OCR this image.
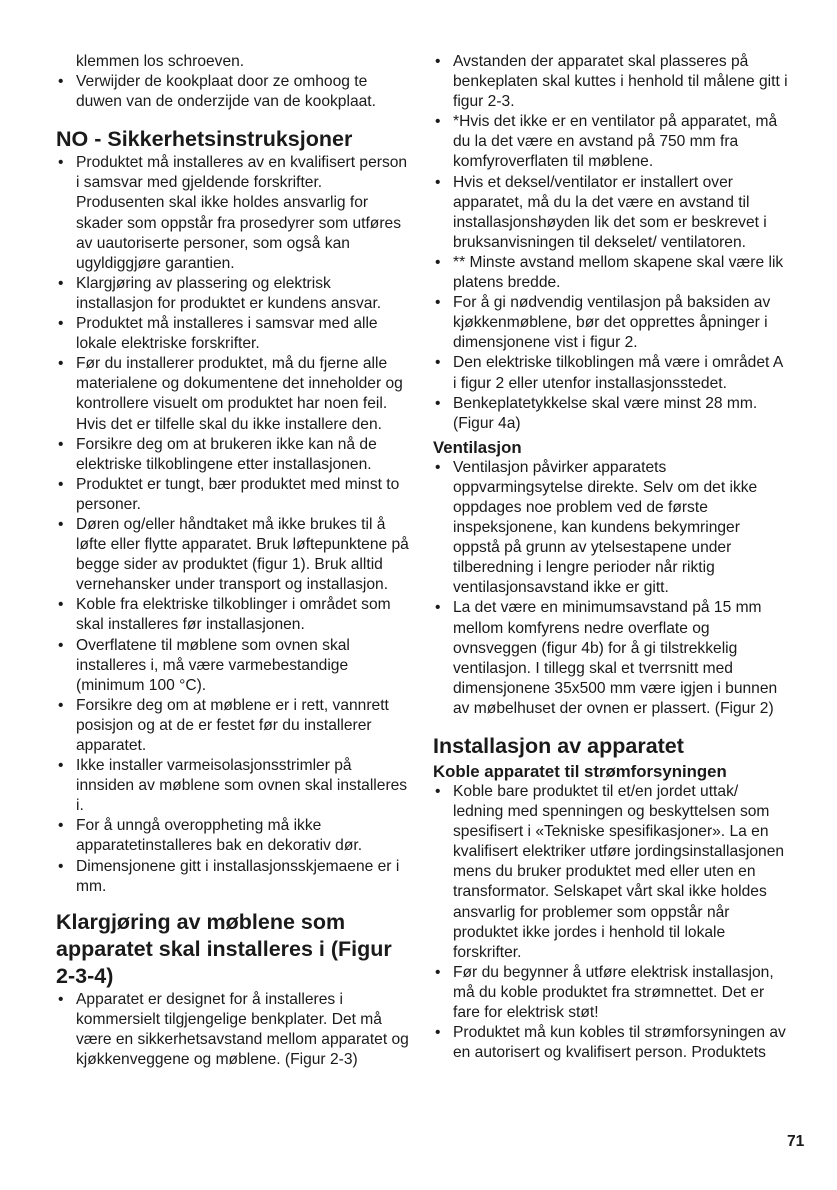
klemmen los schroeven.

• Verwijder de kookplaat door ze omhoog te duwen van de onderzijde van de kookplaat.
NO - Sikkerhetsinstruksjoner
• Produktet må installeres av en kvalifisert person i samsvar med gjeldende forskrifter. Produsenten skal ikke holdes ansvarlig for skader som oppstår fra prosedyrer som utføres av uautoriserte personer, som også kan ugyldiggjøre garantien.
• Klargjøring av plassering og elektrisk installasjon for produktet er kundens ansvar.
• Produktet må installeres i samsvar med alle lokale elektriske forskrifter.
• Før du installerer produktet, må du fjerne alle materialene og dokumentene det inneholder og kontrollere visuelt om produktet har noen feil. Hvis det er tilfelle skal du ikke installere den.
• Forsikre deg om at brukeren ikke kan nå de elektriske tilkoblingene etter installasjonen.
• Produktet er tungt, bær produktet med minst to personer.
• Døren og/eller håndtaket må ikke brukes til å løfte eller flytte apparatet. Bruk løftepunktene på begge sider av produktet (figur 1). Bruk alltid vernehansker under transport og installasjon.
• Koble fra elektriske tilkoblinger i området som skal installeres før installasjonen.
• Overflatene til møblene som ovnen skal installeres i, må være varmebestandige (minimum 100 °C).
• Forsikre deg om at møblene er i rett, vannrett posisjon og at de er festet før du installerer apparatet.
• Ikke installer varmeisolasjonsstrimler på innsiden av møblene som ovnen skal installeres i.
• For å unngå overoppheting må ikke apparatetinstalleres bak en dekorativ dør.
• Dimensjonene gitt i installasjonsskjemaene er i mm.
Klargjøring av møblene som apparatet skal installeres i (Figur 2-3-4)
• Apparatet er designet for å installeres i kommersielt tilgjengelige benkplater. Det må være en sikkerhetsavstand mellom apparatet og kjøkkenveggene og møblene. (Figur 2-3)
• Avstanden der apparatet skal plasseres på benkeplaten skal kuttes i henhold til målene gitt i figur 2-3.
• *Hvis det ikke er en ventilator på apparatet, må du la det være en avstand på 750 mm fra komfyroverflaten til møblene.
• Hvis et deksel/ventilator er installert over apparatet, må du la det være en avstand til installasjonshøyden lik det som er beskrevet i bruksanvisningen til dekselet/ ventilatoren.
• ** Minste avstand mellom skapene skal være lik platens bredde.
• For å gi nødvendig ventilasjon på baksiden av kjøkkenmøblene, bør det opprettes åpninger i dimensjonene vist i figur 2.
• Den elektriske tilkoblingen må være i området A i figur 2 eller utenfor installasjonsstedet.
• Benkeplatetykkelse skal være minst 28 mm. (Figur 4a)
Ventilasjon
• Ventilasjon påvirker apparatets oppvarmingsytelse direkte. Selv om det ikke oppdages noe problem ved de første inspeksjonene, kan kundens bekymringer oppstå på grunn av ytelsestapene under tilberedning i lengre perioder når riktig ventilasjonsavstand ikke er gitt.
• La det være en minimumsavstand på 15 mm mellom komfyrens nedre overflate og ovnsveggen (figur 4b) for å gi tilstrekkelig ventilasjon. I tillegg skal et tverrsnitt med dimensjonene 35x500 mm være igjen i bunnen av møbelhuset der ovnen er plassert. (Figur 2)
Installasjon av apparatet
Koble apparatet til strømforsyningen
• Koble bare produktet til et/en jordet uttak/ ledning med spenningen og beskyttelsen som spesifisert i «Tekniske spesifikasjoner». La en kvalifisert elektriker utføre jordingsinstallasjonen mens du bruker produktet med eller uten en transformator. Selskapet vårt skal ikke holdes ansvarlig for problemer som oppstår når produktet ikke jordes i henhold til lokale forskrifter.
• Før du begynner å utføre elektrisk installasjon, må du koble produktet fra strømnettet. Det er fare for elektrisk støt!
• Produktet må kun kobles til strømforsyningen av en autorisert og kvalifisert person. Produktets
71
